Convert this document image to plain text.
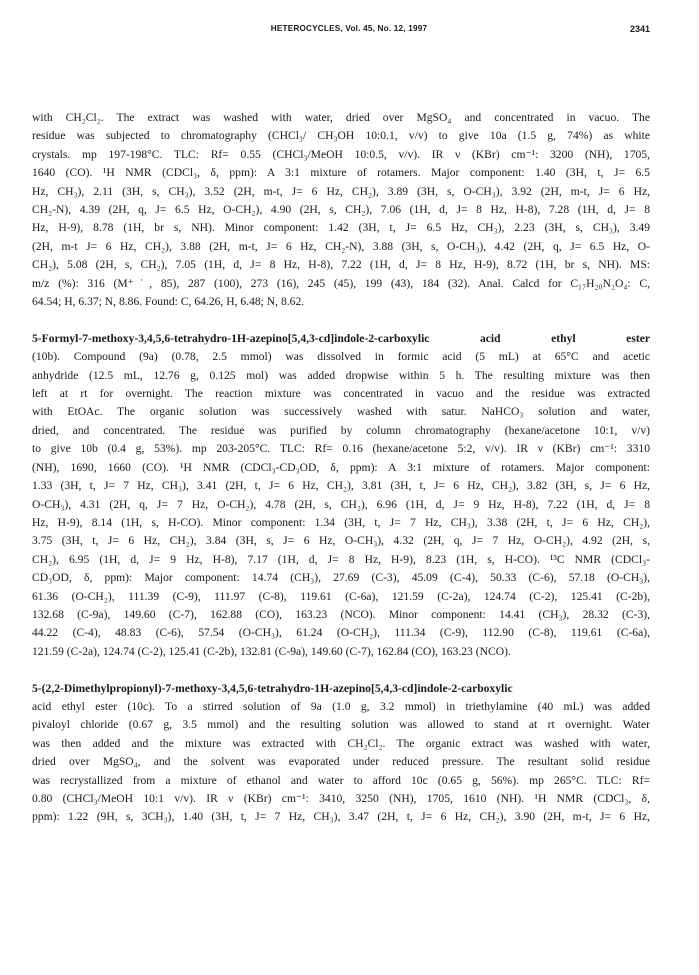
HETEROCYCLES, Vol. 45, No. 12, 1997	2341
with CH₂Cl₂. The extract was washed with water, dried over MgSO₄ and concentrated in vacuo. The
residue was subjected to chromatography (CHCl₃/ CH₃OH 10:0.1, v/v) to give 10a (1.5 g, 74%) as white
crystals. mp 197-198°C. TLC: Rf= 0.55 (CHCl₃/MeOH 10:0.5, v/v). IR ν (KBr) cm⁻¹: 3200 (NH), 1705,
1640 (CO). ¹H NMR (CDCl₃, δ, ppm): A 3:1 mixture of rotamers. Major component: 1.40 (3H, t, J= 6.5
Hz, CH₃), 2.11 (3H, s, CH₃), 3.52 (2H, m-t, J= 6 Hz, CH₂), 3.89 (3H, s, O-CH₃), 3.92 (2H, m-t, J= 6 Hz,
CH₂-N), 4.39 (2H, q, J= 6.5 Hz, O-CH₂), 4.90 (2H, s, CH₂), 7.06 (1H, d, J= 8 Hz, H-8), 7.28 (1H, d, J= 8
Hz, H-9), 8.78 (1H, br s, NH). Minor component: 1.42 (3H, t, J= 6.5 Hz, CH₃), 2.23 (3H, s, CH₃), 3.49
(2H, m-t J= 6 Hz, CH₂), 3.88 (2H, m-t, J= 6 Hz, CH₂-N), 3.88 (3H, s, O-CH₃), 4.42 (2H, q, J= 6.5 Hz, O-
CH₂), 5.08 (2H, s, CH₂), 7.05 (1H, d, J= 8 Hz, H-8), 7.22 (1H, d, J= 8 Hz, H-9), 8.72 (1H, br s, NH). MS:
m/z (%): 316 (M⁺˙, 85), 287 (100), 273 (16), 245 (45), 199 (43), 184 (32). Anal. Calcd for C₁₇H₂₀N₂O₄: C,
64.54; H, 6.37; N, 8.86. Found: C, 64.26, H, 6.48; N, 8.62.
5-Formyl-7-methoxy-3,4,5,6-tetrahydro-1H-azepino[5,4,3-cd]indole-2-carboxylic acid ethyl ester
(10b). Compound (9a) (0.78, 2.5 mmol) was dissolved in formic acid (5 mL) at 65°C and acetic
anhydride (12.5 mL, 12.76 g, 0.125 mol) was added dropwise within 5 h. The resulting mixture was then
left at rt for overnight. The reaction mixture was concentrated in vacuo and the residue was extracted
with EtOAc. The organic solution was successively washed with satur. NaHCO₃ solution and water,
dried, and concentrated. The residue was purified by column chromatography (hexane/acetone 10:1, v/v)
to give 10b (0.4 g, 53%). mp 203-205°C. TLC: Rf= 0.16 (hexane/acetone 5:2, v/v). IR ν (KBr) cm⁻¹: 3310
(NH), 1690, 1660 (CO). ¹H NMR (CDCl₃-CD₃OD, δ, ppm): A 3:1 mixture of rotamers. Major component:
1.33 (3H, t, J= 7 Hz, CH₃), 3.41 (2H, t, J= 6 Hz, CH₂), 3.81 (3H, t, J= 6 Hz, CH₂), 3.82 (3H, s, J= 6 Hz,
O-CH₃), 4.31 (2H, q, J= 7 Hz, O-CH₂), 4.78 (2H, s, CH₂), 6.96 (1H, d, J= 9 Hz, H-8), 7.22 (1H, d, J= 8
Hz, H-9), 8.14 (1H, s, H-CO). Minor component: 1.34 (3H, t, J= 7 Hz, CH₃), 3.38 (2H, t, J= 6 Hz, CH₂),
3.75 (3H, t, J= 6 Hz, CH₂), 3.84 (3H, s, J= 6 Hz, O-CH₃), 4.32 (2H, q, J= 7 Hz, O-CH₂), 4.92 (2H, s,
CH₂), 6.95 (1H, d, J= 9 Hz, H-8), 7.17 (1H, d, J= 8 Hz, H-9), 8.23 (1H, s, H-CO). ¹³C NMR (CDCl₃-
CD₃OD, δ, ppm): Major component: 14.74 (CH₃), 27.69 (C-3), 45.09 (C-4), 50.33 (C-6), 57.18 (O-CH₃),
61.36 (O-CH₂), 111.39 (C-9), 111.97 (C-8), 119.61 (C-6a), 121.59 (C-2a), 124.74 (C-2), 125.41 (C-2b),
132.68 (C-9a), 149.60 (C-7), 162.88 (CO), 163.23 (NCO). Minor component: 14.41 (CH₃), 28.32 (C-3),
44.22 (C-4), 48.83 (C-6), 57.54 (O-CH₃), 61.24 (O-CH₂), 111.34 (C-9), 112.90 (C-8), 119.61 (C-6a),
121.59 (C-2a), 124.74 (C-2), 125.41 (C-2b), 132.81 (C-9a), 149.60 (C-7), 162.84 (CO), 163.23 (NCO).
5-(2,2-Dimethylpropionyl)-7-methoxy-3,4,5,6-tetrahydro-1H-azepino[5,4,3-cd]indole-2-carboxylic
acid ethyl ester (10c). To a stirred solution of 9a (1.0 g, 3.2 mmol) in triethylamine (40 mL) was added
pivaloyl chloride (0.67 g, 3.5 mmol) and the resulting solution was allowed to stand at rt overnight. Water
was then added and the mixture was extracted with CH₂Cl₂. The organic extract was washed with water,
dried over MgSO₄, and the solvent was evaporated under reduced pressure. The resultant solid residue
was recrystallized from a mixture of ethanol and water to afford 10c (0.65 g, 56%). mp 265°C. TLC: Rf=
0.80 (CHCl₃/MeOH 10:1 v/v). IR ν (KBr) cm⁻¹: 3410, 3250 (NH), 1705, 1610 (NH). ¹H NMR (CDCl₃, δ,
ppm): 1.22 (9H, s, 3CH₃), 1.40 (3H, t, J= 7 Hz, CH₃), 3.47 (2H, t, J= 6 Hz, CH₂), 3.90 (2H, m-t, J= 6 Hz,
